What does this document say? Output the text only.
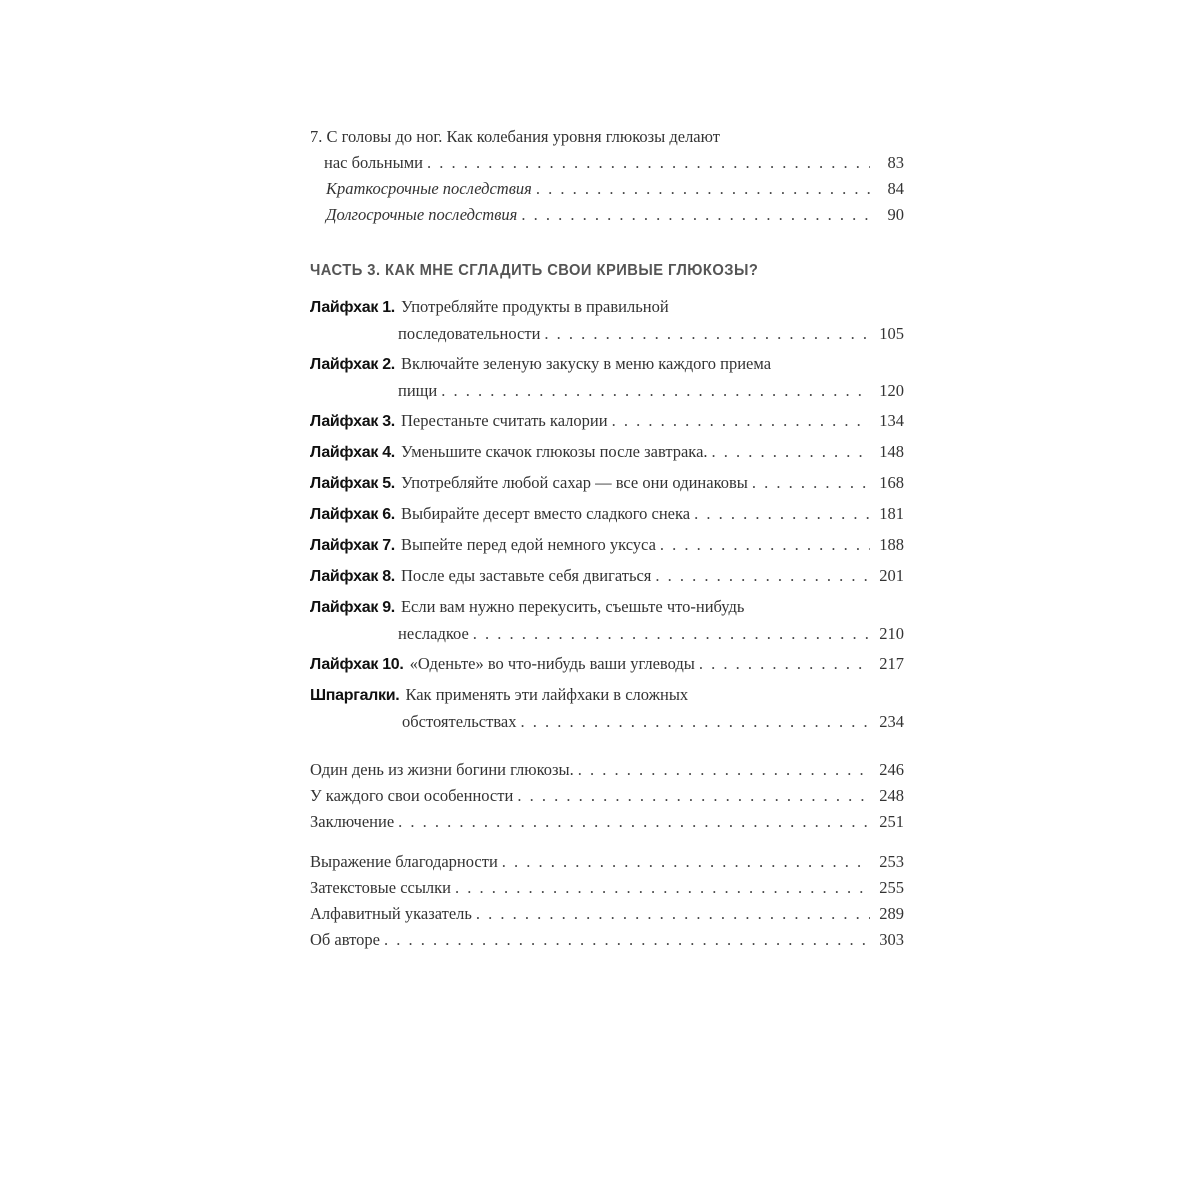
7. С головы до ног. Как колебания уровня глюкозы делают
нас больными . . .	83
Краткосрочные последствия . . .	84
Долгосрочные последствия . . .	90
ЧАСТЬ 3. КАК МНЕ СГЛАДИТЬ СВОИ КРИВЫЕ ГЛЮКОЗЫ?
Лайфхак 1. Употребляйте продукты в правильной
последовательности . . .	105
Лайфхак 2. Включайте зеленую закуску в меню каждого приема
пищи . . .	120
Лайфхак 3. Перестаньте считать калории . . .	134
Лайфхак 4. Уменьшите скачок глюкозы после завтрака. . . .	148
Лайфхак 5. Употребляйте любой сахар — все они одинаковы . . .	168
Лайфхак 6. Выбирайте десерт вместо сладкого снека . . .	181
Лайфхак 7. Выпейте перед едой немного уксуса . . .	188
Лайфхак 8. После еды заставьте себя двигаться . . .	201
Лайфхак 9. Если вам нужно перекусить, съешьте что-нибудь
несладкое . . .	210
Лайфхак 10. «Оденьте» во что-нибудь ваши углеводы . . .	217
Шпаргалки. Как применять эти лайфхаки в сложных
обстоятельствах . . .	234
Один день из жизни богини глюкозы. . . .	246
У каждого свои особенности . . .	248
Заключение . . .	251
Выражение благодарности . . .	253
Затекстовые ссылки . . .	255
Алфавитный указатель . . .	289
Об авторе . . .	303
